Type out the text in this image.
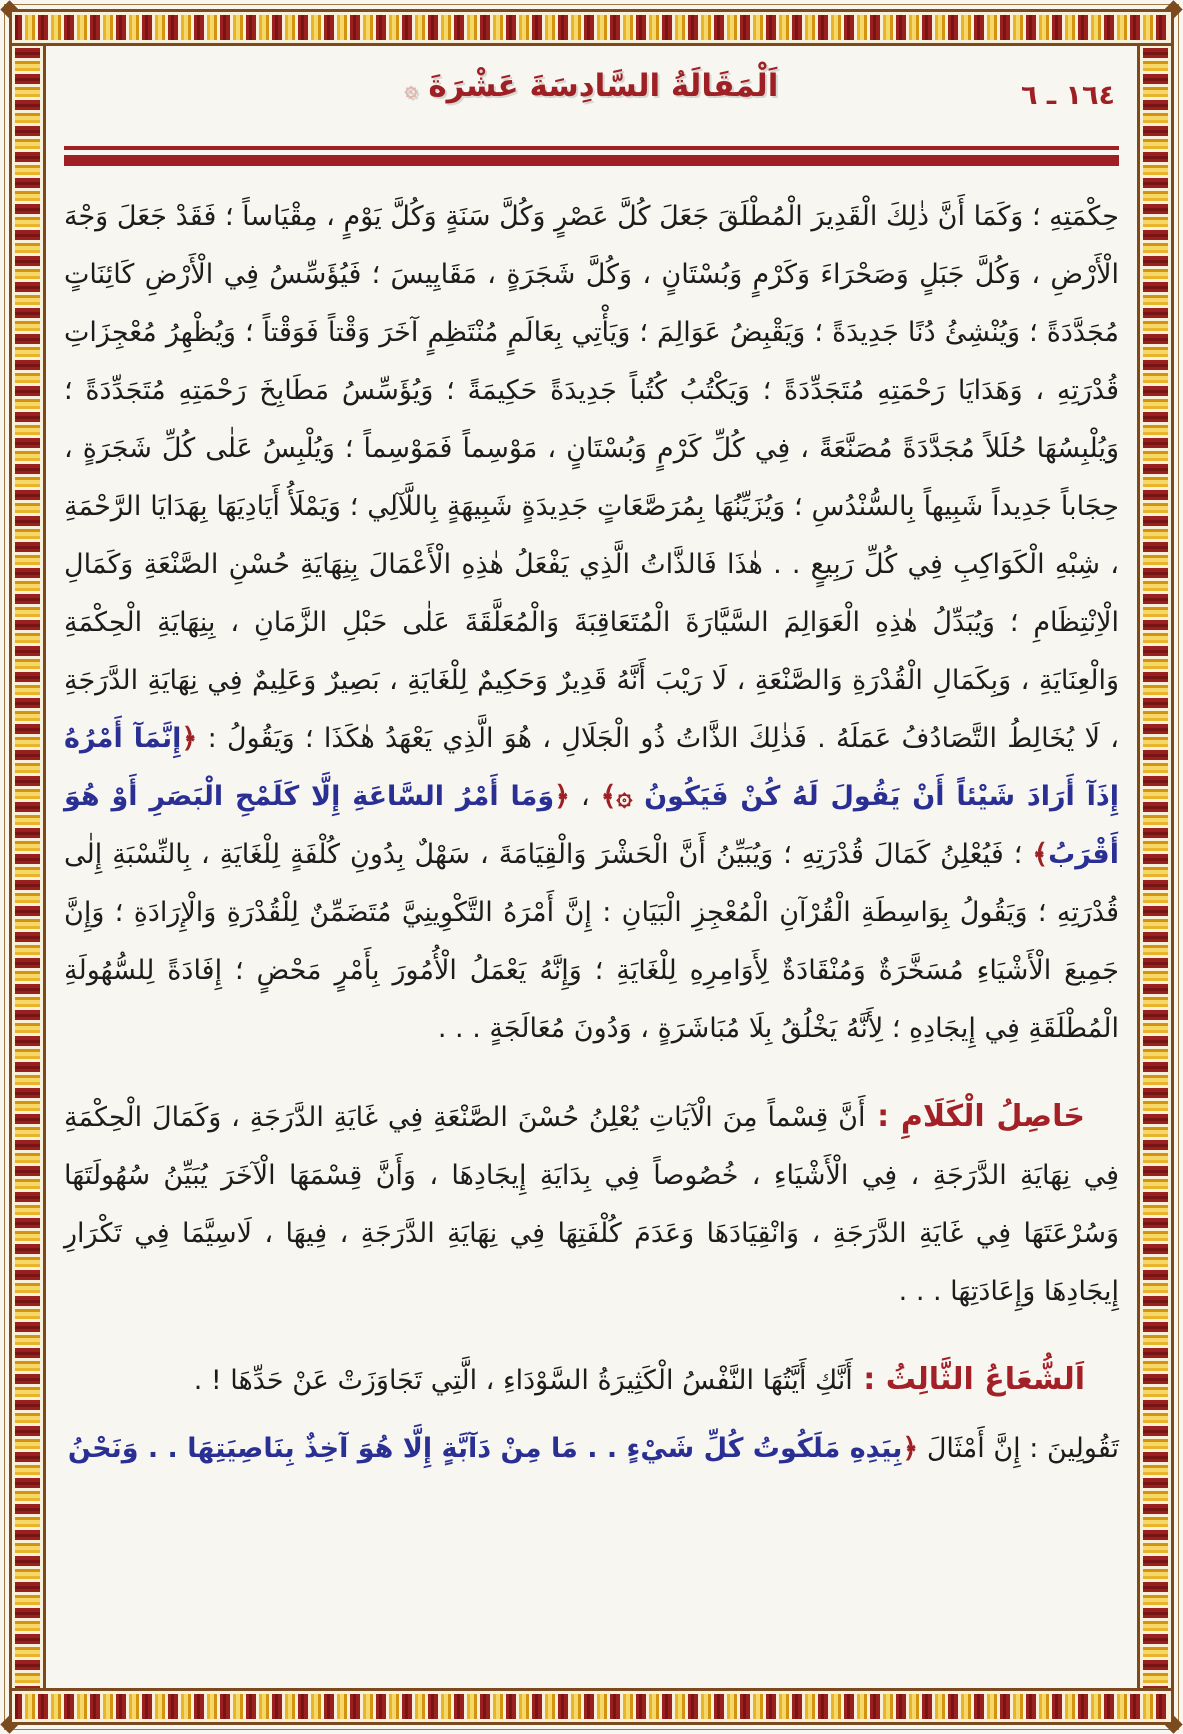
١٦٤ ـ ٦
اَلْمَقَالَةُ السَّادِسَةَ عَشْرَةَ ۞

حِكْمَتِهِ ؛ وَكَمَا أَنَّ ذٰلِكَ الْقَدِيرَ الْمُطْلَقَ جَعَلَ كُلَّ عَصْرٍ وَكُلَّ سَنَةٍ وَكُلَّ يَوْمٍ ، مِقْيَاساً ؛ فَقَدْ جَعَلَ وَجْهَ الْأَرْضِ ، وَكُلَّ جَبَلٍ وَصَحْرَاءَ وَكَرْمٍ وَبُسْتَانٍ ، وَكُلَّ شَجَرَةٍ ، مَقَايِيسَ ؛ فَيُؤَسِّسُ فِي الْأَرْضِ كَائِنَاتٍ مُجَدَّدَةً ؛ وَيُنْشِئُ دُنًا جَدِيدَةً ؛ وَيَقْبِضُ عَوَالِمَ ؛ وَيَأْتِي بِعَالَمٍ مُنْتَظِمٍ آخَرَ وَقْتاً فَوَقْتاً ؛ وَيُظْهِرُ مُعْجِزَاتِ قُدْرَتِهِ ، وَهَدَايَا رَحْمَتِهِ مُتَجَدِّدَةً ؛ وَيَكْتُبُ كُتُباً جَدِيدَةً حَكِيمَةً ؛ وَيُؤَسِّسُ مَطَابِخَ رَحْمَتِهِ مُتَجَدِّدَةً ؛ وَيُلْبِسُهَا حُلَلاً مُجَدَّدَةً مُصَنَّعَةً ، فِي كُلِّ كَرْمٍ وَبُسْتَانٍ ، مَوْسِماً فَمَوْسِماً ؛ وَيُلْبِسُ عَلٰى كُلِّ شَجَرَةٍ ، حِجَاباً جَدِيداً شَبِيهاً بِالسُّنْدُسِ ؛ وَيُزَيِّنُهَا بِمُرَصَّعَاتٍ جَدِيدَةٍ شَبِيهَةٍ بِاللَّآلِي ؛ وَيَمْلَأُ أَيَادِيَهَا بِهَدَايَا الرَّحْمَةِ ، شِبْهِ الْكَوَاكِبِ فِي كُلِّ رَبِيعٍ . . هٰذَا فَالذَّاتُ الَّذِي يَفْعَلُ هٰذِهِ الْأَعْمَالَ بِنِهَايَةِ حُسْنِ الصَّنْعَةِ وَكَمَالِ الْاِنْتِظَامِ ؛ وَيُبَدِّلُ هٰذِهِ الْعَوَالِمَ السَّيَّارَةَ الْمُتَعَاقِبَةَ وَالْمُعَلَّقَةَ عَلٰى حَبْلِ الزَّمَانِ ، بِنِهَايَةِ الْحِكْمَةِ وَالْعِنَايَةِ ، وَبِكَمَالِ الْقُدْرَةِ وَالصَّنْعَةِ ، لَا رَيْبَ أَنَّهُ قَدِيرٌ وَحَكِيمٌ لِلْغَايَةِ ، بَصِيرٌ وَعَلِيمٌ فِي نِهَايَةِ الدَّرَجَةِ ، لَا يُخَالِطُ التَّصَادُفُ عَمَلَهُ . فَذٰلِكَ الذَّاتُ ذُو الْجَلَالِ ، هُوَ الَّذِي يَعْهَدُ هٰكَذَا ؛ وَيَقُولُ : ﴿إِنَّمَآ أَمْرُهُ إِذَآ أَرَادَ شَيْئاً أَنْ يَقُولَ لَهُ كُنْ فَيَكُونُ ۞﴾ ، ﴿وَمَا أَمْرُ السَّاعَةِ إِلَّا كَلَمْحِ الْبَصَرِ أَوْ هُوَ أَقْرَبُ﴾ ؛ فَيُعْلِنُ كَمَالَ قُدْرَتِهِ ؛ وَيُبَيِّنُ أَنَّ الْحَشْرَ وَالْقِيَامَةَ ، سَهْلٌ بِدُونِ كُلْفَةٍ لِلْغَايَةِ ، بِالنِّسْبَةِ إِلٰى قُدْرَتِهِ ؛ وَيَقُولُ بِوَاسِطَةِ الْقُرْآنِ الْمُعْجِزِ الْبَيَانِ : إِنَّ أَمْرَهُ التَّكْوِينِيَّ مُتَضَمِّنٌ لِلْقُدْرَةِ وَالْإِرَادَةِ ؛ وَإِنَّ جَمِيعَ الْأَشْيَاءِ مُسَخَّرَةٌ وَمُنْقَادَةٌ لِأَوَامِرِهِ لِلْغَايَةِ ؛ وَإِنَّهُ يَعْمَلُ الْأُمُورَ بِأَمْرٍ مَحْضٍ ؛ إِفَادَةً لِلسُّهُولَةِ الْمُطْلَقَةِ فِي إِيجَادِهِ ؛ لِأَنَّهُ يَخْلُقُ بِلَا مُبَاشَرَةٍ ، وَدُونَ مُعَالَجَةٍ . . .

حَاصِلُ الْكَلَامِ : أَنَّ قِسْماً مِنَ الْآيَاتِ يُعْلِنُ حُسْنَ الصَّنْعَةِ فِي غَايَةِ الدَّرَجَةِ ، وَكَمَالَ الْحِكْمَةِ فِي نِهَايَةِ الدَّرَجَةِ ، فِي الْأَشْيَاءِ ، خُصُوصاً فِي بِدَايَةِ إِيجَادِهَا ، وَأَنَّ قِسْمَهَا الْآخَرَ يُبَيِّنُ سُهُولَتَهَا وَسُرْعَتَهَا فِي غَايَةِ الدَّرَجَةِ ، وَانْقِيَادَهَا وَعَدَمَ كُلْفَتِهَا فِي نِهَايَةِ الدَّرَجَةِ ، فِيهَا ، لَاسِيَّمَا فِي تَكْرَارِ إِيجَادِهَا وَإِعَادَتِهَا . . .

اَلشُّعَاعُ الثَّالِثُ : أَنَّكِ أَيَّتُهَا النَّفْسُ الْكَثِيرَةُ السَّوْدَاءِ ، الَّتِي تَجَاوَزَتْ عَنْ حَدِّهَا ! .

تَقُولِينَ : إِنَّ أَمْثَالَ ﴿بِيَدِهِ مَلَكُوتُ كُلِّ شَيْءٍ . . مَا مِنْ دَآبَّةٍ إِلَّا هُوَ آخِذٌ بِنَاصِيَتِهَا . . وَنَحْنُ
